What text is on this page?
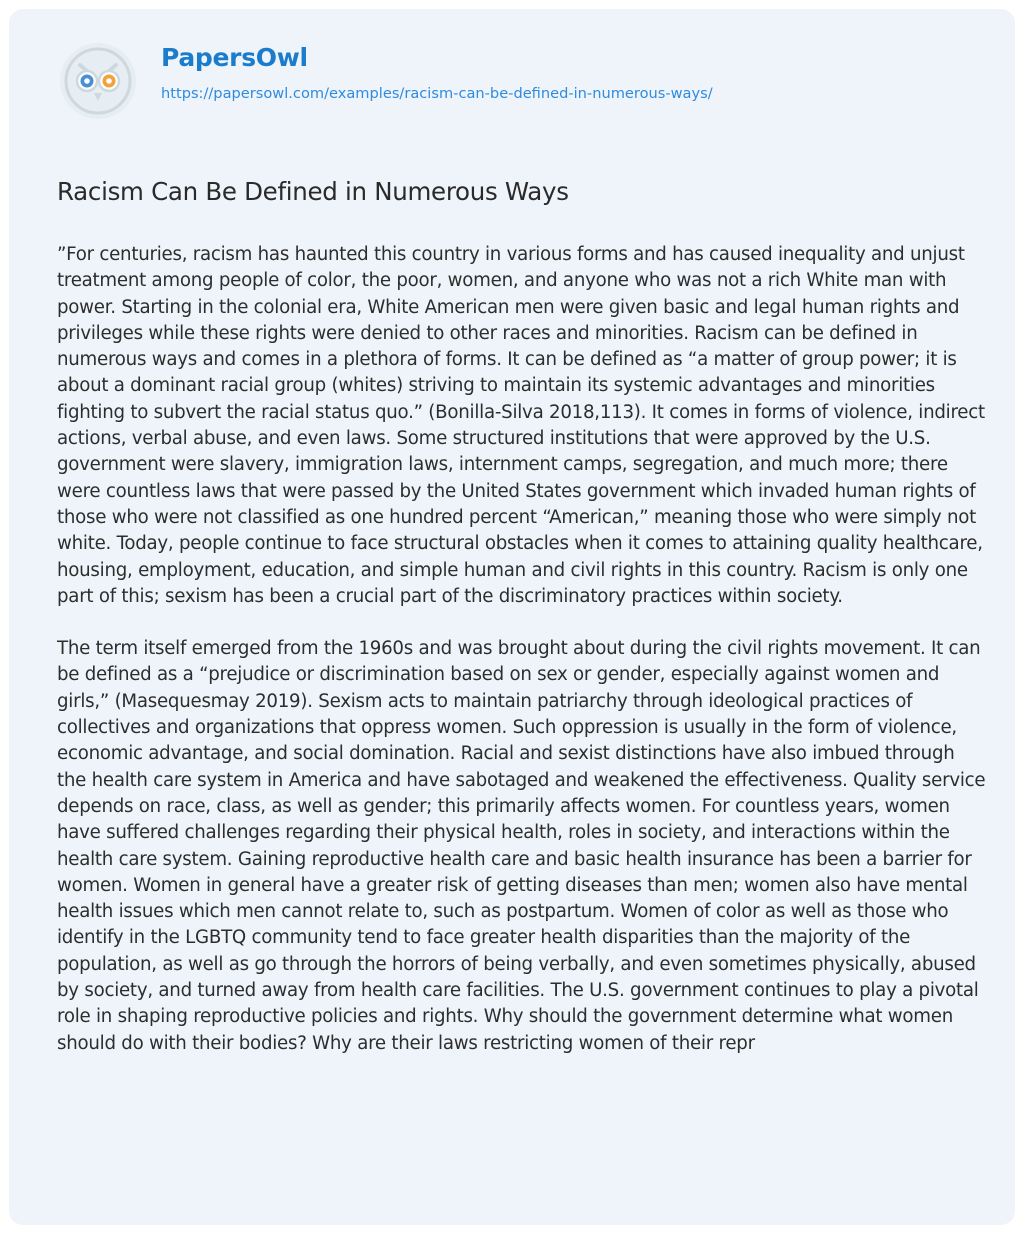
PapersOwl
https://papersowl.com/examples/racism-can-be-defined-in-numerous-ways/
Racism Can Be Defined in Numerous Ways

”For centuries, racism has haunted this country in various forms and has caused inequality and unjust treatment among people of color, the poor, women, and anyone who was not a rich White man with power. Starting in the colonial era, White American men were given basic and legal human rights and privileges while these rights were denied to other races and minorities. Racism can be defined in numerous ways and comes in a plethora of forms. It can be defined as “a matter of group power; it is about a dominant racial group (whites) striving to maintain its systemic advantages and minorities fighting to subvert the racial status quo.” (Bonilla-Silva 2018,113). It comes in forms of violence, indirect actions, verbal abuse, and even laws. Some structured institutions that were approved by the U.S. government were slavery, immigration laws, internment camps, segregation, and much more; there were countless laws that were passed by the United States government which invaded human rights of those who were not classified as one hundred percent “American,” meaning those who were simply not white. Today, people continue to face structural obstacles when it comes to attaining quality healthcare, housing, employment, education, and simple human and civil rights in this country. Racism is only one part of this; sexism has been a crucial part of the discriminatory practices within society.

The term itself emerged from the 1960s and was brought about during the civil rights movement. It can be defined as a “prejudice or discrimination based on sex or gender, especially against women and girls,” (Masequesmay 2019). Sexism acts to maintain patriarchy through ideological practices of collectives and organizations that oppress women. Such oppression is usually in the form of violence, economic advantage, and social domination. Racial and sexist distinctions have also imbued through the health care system in America and have sabotaged and weakened the effectiveness. Quality service depends on race, class, as well as gender; this primarily affects women. For countless years, women have suffered challenges regarding their physical health, roles in society, and interactions within the health care system. Gaining reproductive health care and basic health insurance has been a barrier for women. Women in general have a greater risk of getting diseases than men; women also have mental health issues which men cannot relate to, such as postpartum. Women of color as well as those who identify in the LGBTQ community tend to face greater health disparities than the majority of the population, as well as go through the horrors of being verbally, and even sometimes physically, abused by society, and turned away from health care facilities. The U.S. government continues to play a pivotal role in shaping reproductive policies and rights. Why should the government determine what women should do with their bodies? Why are their laws restricting women of their repr
